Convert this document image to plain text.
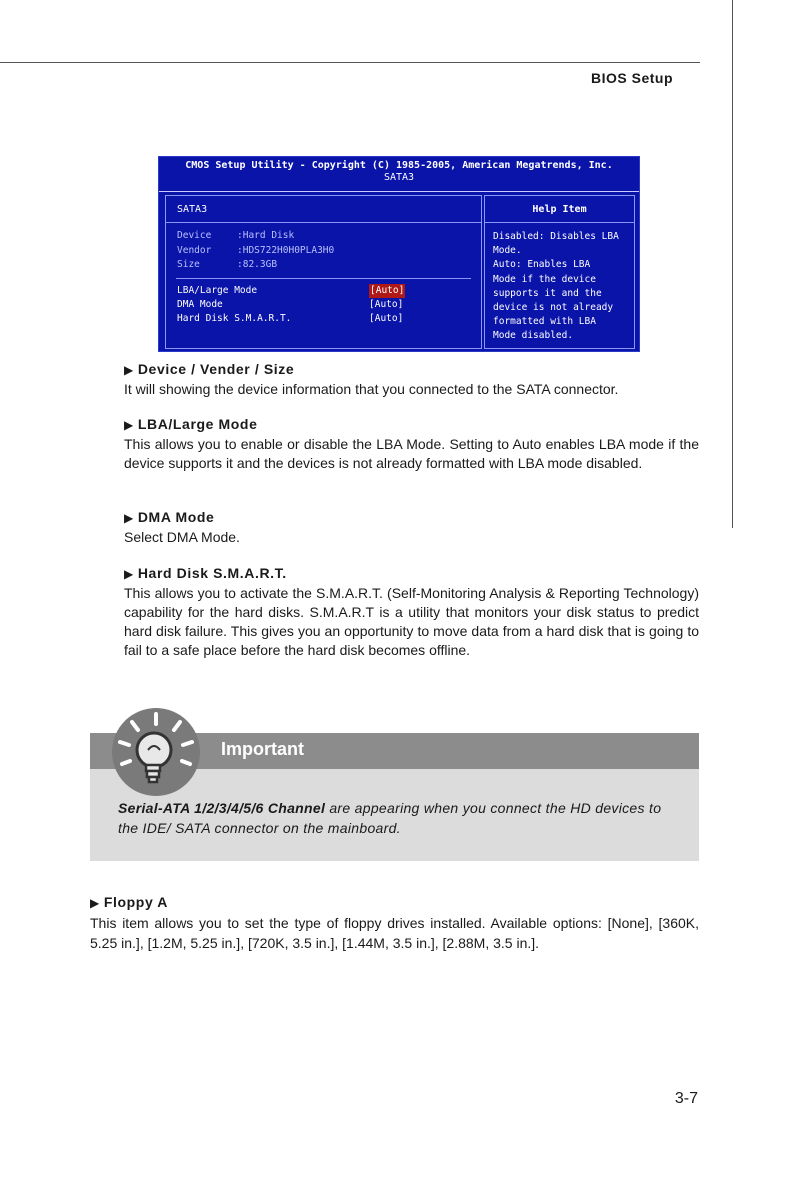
BIOS Setup
CMOS Setup Utility - Copyright (C) 1985-2005, American Megatrends, Inc.
SATA3
SATA3
Device	:Hard Disk
Vendor	:HDS722H0H0PLA3H0
Size	:82.3GB
LBA/Large Mode	[Auto]
DMA Mode	[Auto]
Hard Disk S.M.A.R.T.	[Auto]
Help Item
Disabled: Disables LBA
Mode.
Auto: Enables LBA
Mode if the device
supports it and the
device is not already
formatted with LBA
Mode disabled.
▶ Device / Vender / Size

It will showing the device information that you connected to the SATA connector.

▶ LBA/Large Mode

This allows you to enable or disable the LBA Mode. Setting to Auto enables LBA mode if the device supports it and the devices is not already formatted with LBA mode disabled.

▶ DMA Mode

Select DMA Mode.

▶ Hard Disk S.M.A.R.T.

This allows you to activate the S.M.A.R.T. (Self-Monitoring Analysis & Reporting Technology) capability for the hard disks. S.M.A.R.T is a utility that monitors your disk status to predict hard disk failure. This gives you an opportunity to move data from a hard disk that is going to fail to a safe place before the hard disk becomes offline.

Important
Serial-ATA 1/2/3/4/5/6 Channel are appearing when you connect the HD devices to the IDE/ SATA connector on the mainboard.
▶ Floppy A

This item allows you to set the type of floppy drives installed. Available options: [None], [360K, 5.25 in.], [1.2M, 5.25 in.], [720K, 3.5 in.], [1.44M, 3.5 in.], [2.88M, 3.5 in.].

3-7
